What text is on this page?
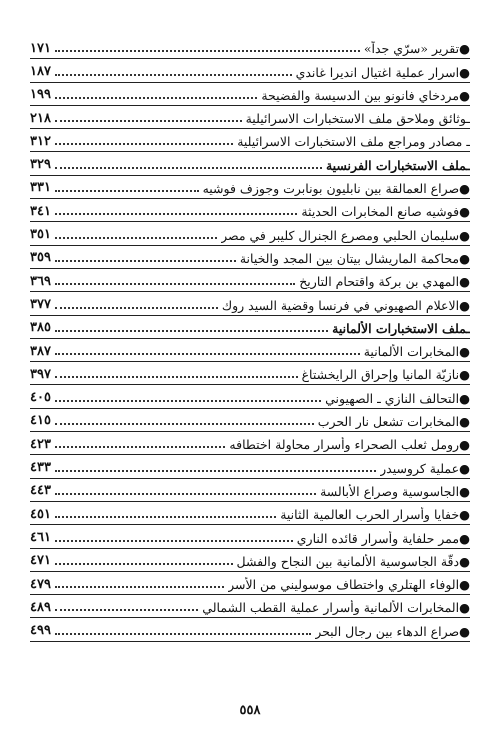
●تقرير «سرّي جداً»
١٧١
●اسرار عملية اغتيال انديرا غاندي
١٨٧
●مردخاي فانونو بين الدسيسة والفضيحة
١٩٩
ـوثائق وملاحق ملف الاستخبارات الاسرائيلية
٢١٨
ـ مصادر ومراجع ملف الاستخبارات الاسرائيلية
٣١٢
ـملف الاستخبارات الفرنسية
٣٢٩
●صراع العمالقة بين نابليون بونابرت وجوزف فوشيه
٣٣١
●فوشيه صانع المخابرات الحديثة
٣٤١
●سليمان الحلبي ومصرع الجنرال كليبر في مصر
٣٥١
●محاكمة الماريشال بيتان بين المجد والخيانة
٣٥٩
●المهدي بن بركة واقتحام التاريخ
٣٦٩
●الاعلام الصهيوني في فرنسا وقضية السيد روك
٣٧٧
ـملف الاستخبارات الألمانية
٣٨٥
●المخابرات الألمانية
٣٨٧
●نازيّة المانيا وإحراق الرايخشتاغ
٣٩٧
●التحالف النازي ـ الصهيوني
٤٠٥
●المخابرات تشعل نار الحرب
٤١٥
●رومل ثعلب الصحراء وأسرار محاولة اختطافه
٤٢٣
●عملية كروسيدر
٤٣٣
●الجاسوسية وصراع الأبالسة
٤٤٣
●خفايا وأسرار الحرب العالمية الثانية
٤٥١
●ممر حلفاية وأسرار قائده الناري
٤٦١
●دقّة الجاسوسية الألمانية بين النجاح والفشل
٤٧١
●الوفاء الهتلري واختطاف موسوليني من الأسر
٤٧٩
●المخابرات الألمانية وأسرار عملية القطب الشمالي
٤٨٩
●صراع الدهاء بين رجال البحر
٤٩٩
٥٥٨
